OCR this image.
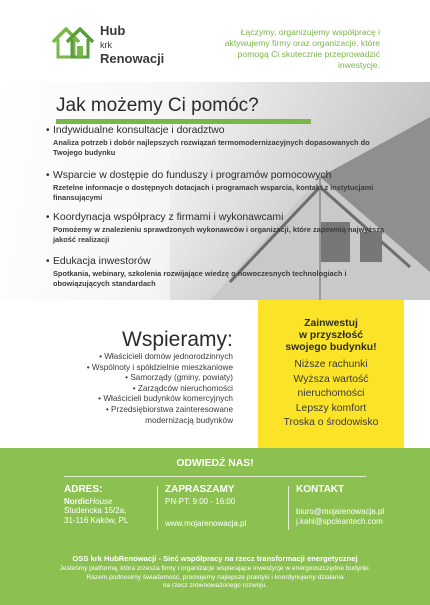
Hub
krk
Renowacji
Łączymy, organizujemy współpracę i aktywujemy firmy oraz organizacje, które pomogą Ci skutecznie przeprowadzić inwestycje.
Jak możemy Ci pomóc?
• Indywidualne konsultacje i doradztwo
Analiza potrzeb i dobór najlepszych rozwiązań termomodernizacyjnych dopasowanych do Twojego budynku
• Wsparcie w dostępie do funduszy i programów pomocowych
Rzetelne informacje o dostępnych dotacjach i programach wsparcia, kontakt z instytucjami finansującymi
• Koordynacja współpracy z firmami i wykonawcami
Pomożemy w znalezieniu sprawdzonych wykonawców i organizacji, które zapewnią najwyższą jakość realizacji
• Edukacja inwestorów
Spotkania, webinary, szkolenia rozwijające wiedzę o nowoczesnych technologiach i obowiązujących standardach
Wspieramy:
• Właścicieli domów jednorodzinnych
• Wspólnoty i spółdzielnie mieszkaniowe
• Samorządy (gminy, powiaty)
• Zarządców nieruchomości
• Właścicieli budynków komercyjnych
• Przedsiębiorstwa zainteresowane
modernizacją budynków
Zainwestuj
w przyszłość
swojego budynku!
Niższe rachunki
Wyższa wartość
nieruchomości
Lepszy komfort
Troska o środowisko
ODWIEDŹ NAS!
ADRES:
NordicHouse
Studencka 15/2a,
31-116 Kaków, PL
ZAPRASZAMY
PN-PT: 9:00 - 16:00
www.mojarenowacja.pl
KONTAKT
biuro@mojarenowacja.pl
j.kahl@spcleantech.com
OSS krk HubRenowacji - Sieć współpracy na rzecz transformacji energetycznej
Jesteśmy platformą, która zrzesza firmy i organizacje wspierające inwestycje w energooszczędne budynki.
Razem podnosimy świadomość, promujemy najlepsze praktyki i koordynujemy działania
na rzecz zrównoważonego rozwoju.
